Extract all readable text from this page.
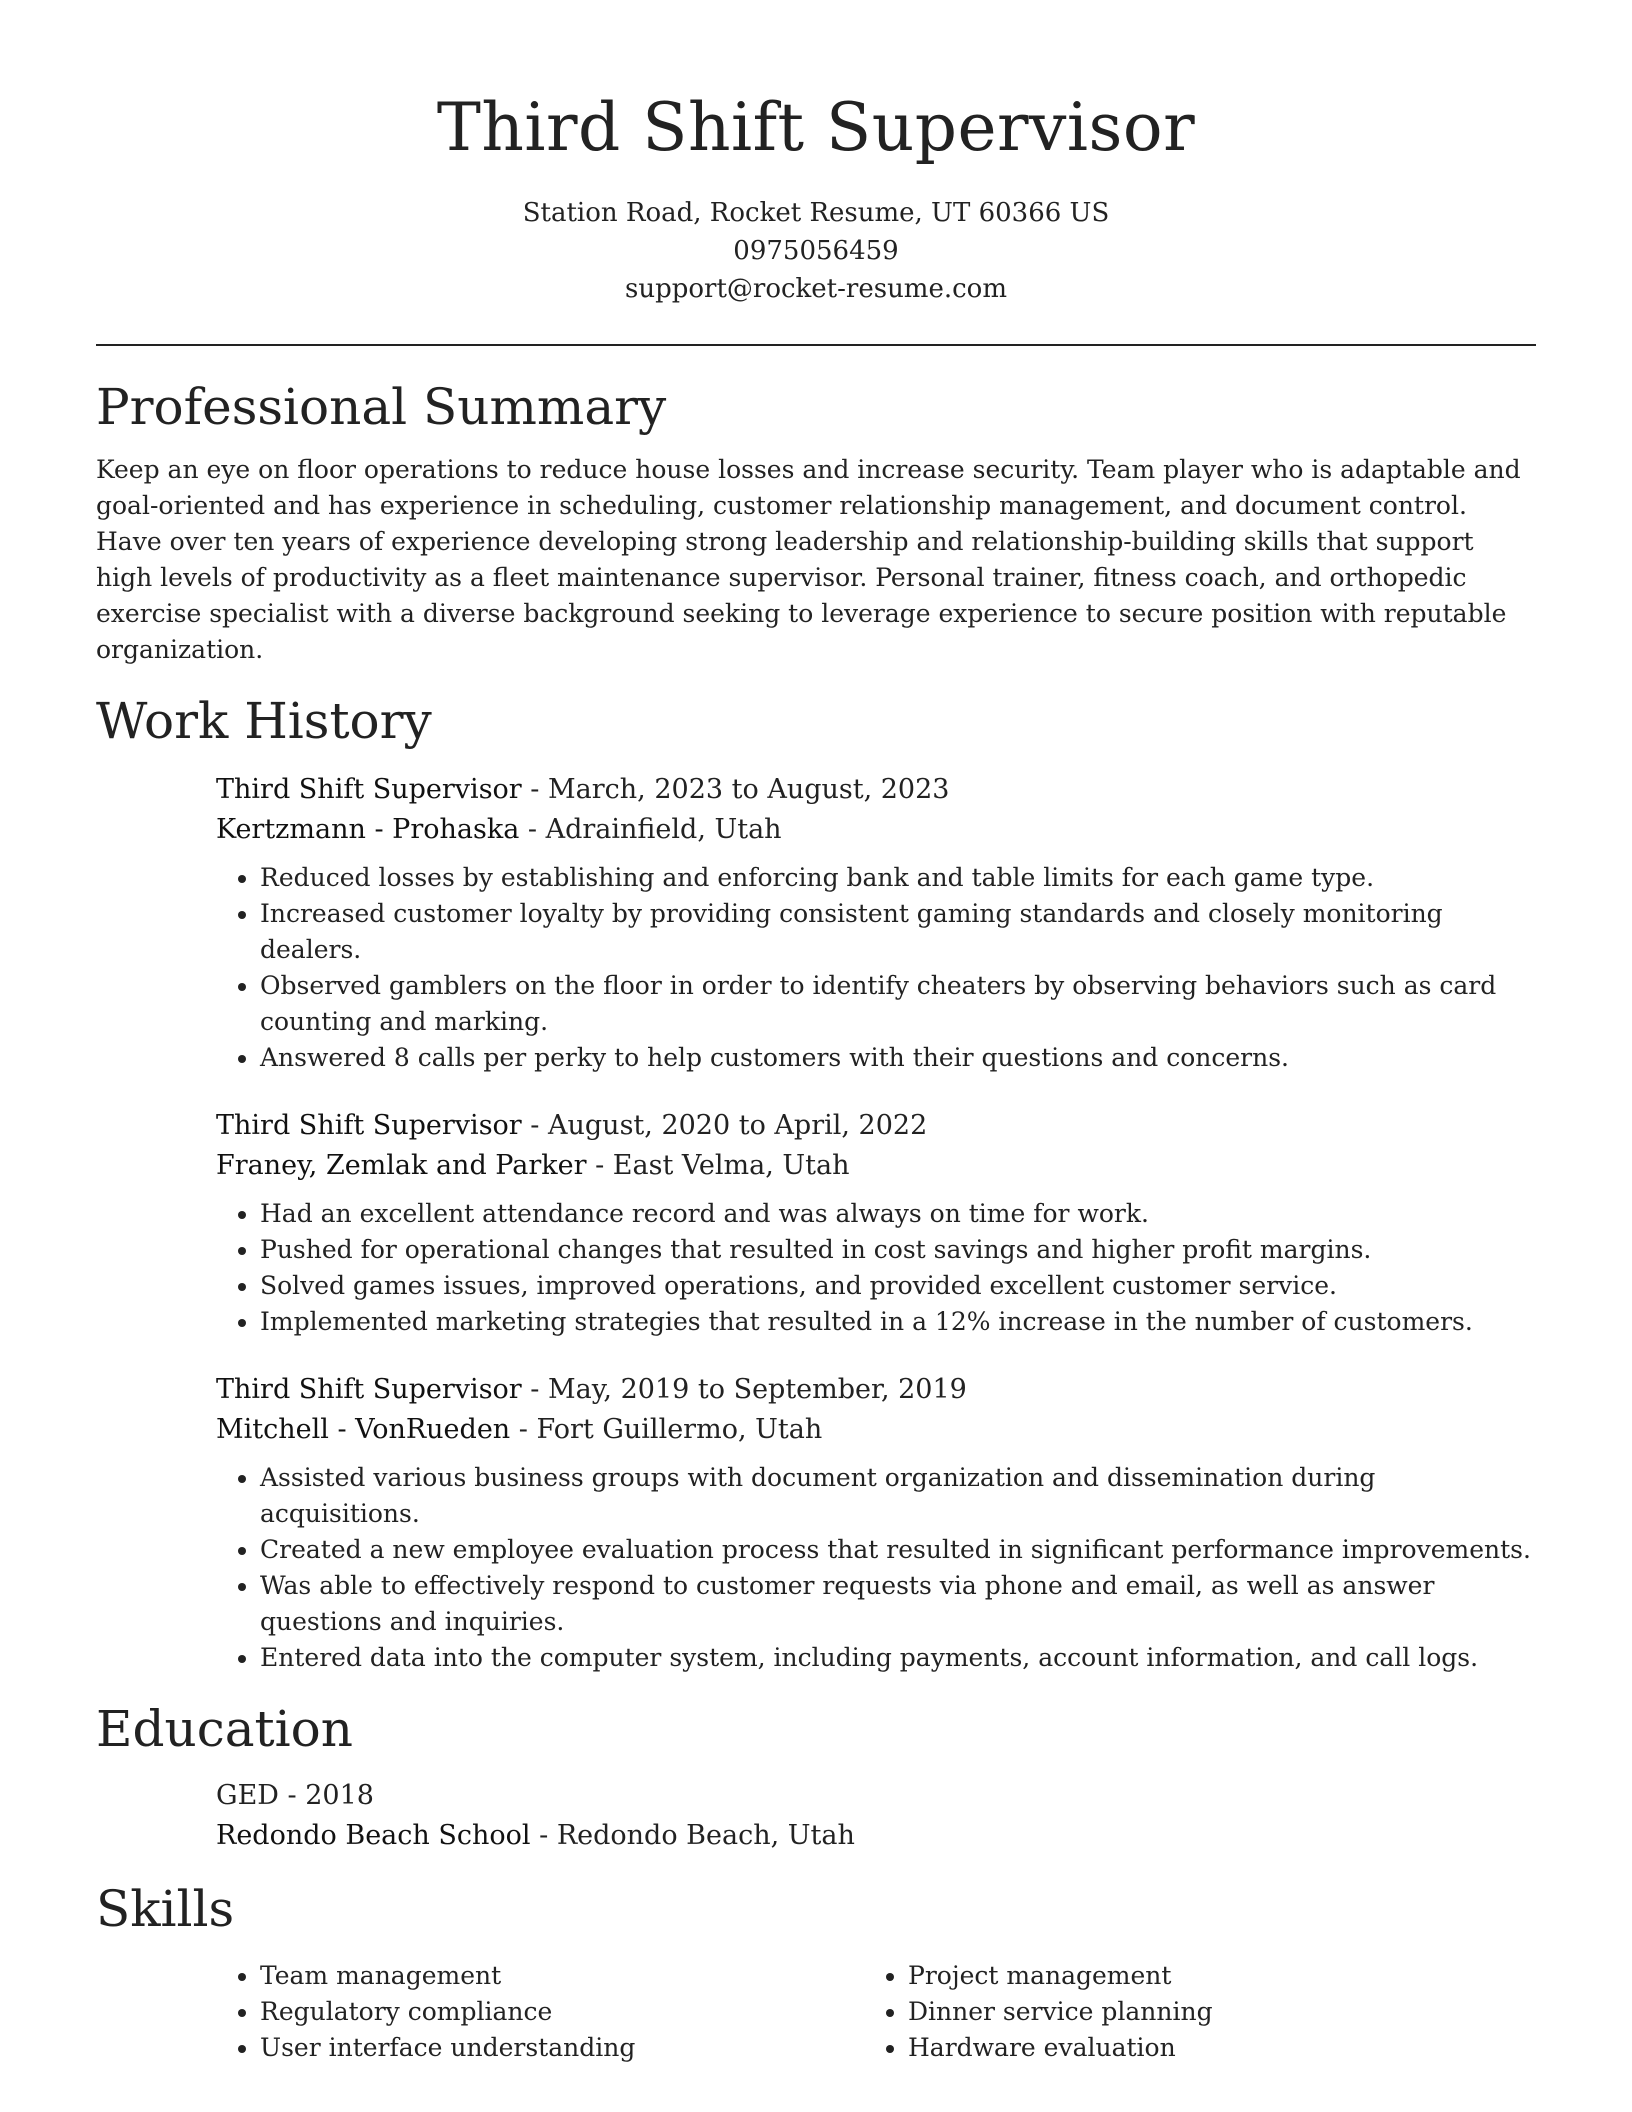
Third Shift Supervisor
Station Road, Rocket Resume, UT 60366 US
0975056459
support@rocket-resume.com
Professional Summary

Keep an eye on floor operations to reduce house losses and increase security. Team player who is adaptable and goal-oriented and has experience in scheduling, customer relationship management, and document control. Have over ten years of experience developing strong leadership and relationship-building skills that support high levels of productivity as a fleet maintenance supervisor. Personal trainer, fitness coach, and orthopedic exercise specialist with a diverse background seeking to leverage experience to secure position with reputable organization.

Work History
Third Shift Supervisor - March, 2023 to August, 2023
Kertzmann - Prohaska - Adrainfield, Utah
• Reduced losses by establishing and enforcing bank and table limits for each game type.
• Increased customer loyalty by providing consistent gaming standards and closely monitoring dealers.
• Observed gamblers on the floor in order to identify cheaters by observing behaviors such as card counting and marking.
• Answered 8 calls per perky to help customers with their questions and concerns.
Third Shift Supervisor - August, 2020 to April, 2022
Franey, Zemlak and Parker - East Velma, Utah
• Had an excellent attendance record and was always on time for work.
• Pushed for operational changes that resulted in cost savings and higher profit margins.
• Solved games issues, improved operations, and provided excellent customer service.
• Implemented marketing strategies that resulted in a 12% increase in the number of customers.
Third Shift Supervisor - May, 2019 to September, 2019
Mitchell - VonRueden - Fort Guillermo, Utah
• Assisted various business groups with document organization and dissemination during acquisitions.
• Created a new employee evaluation process that resulted in significant performance improvements.
• Was able to effectively respond to customer requests via phone and email, as well as answer questions and inquiries.
• Entered data into the computer system, including payments, account information, and call logs.
Education
GED - 2018
Redondo Beach School - Redondo Beach, Utah
Skills
• Team management
• Regulatory compliance
• User interface understanding
• Project management
• Dinner service planning
• Hardware evaluation
